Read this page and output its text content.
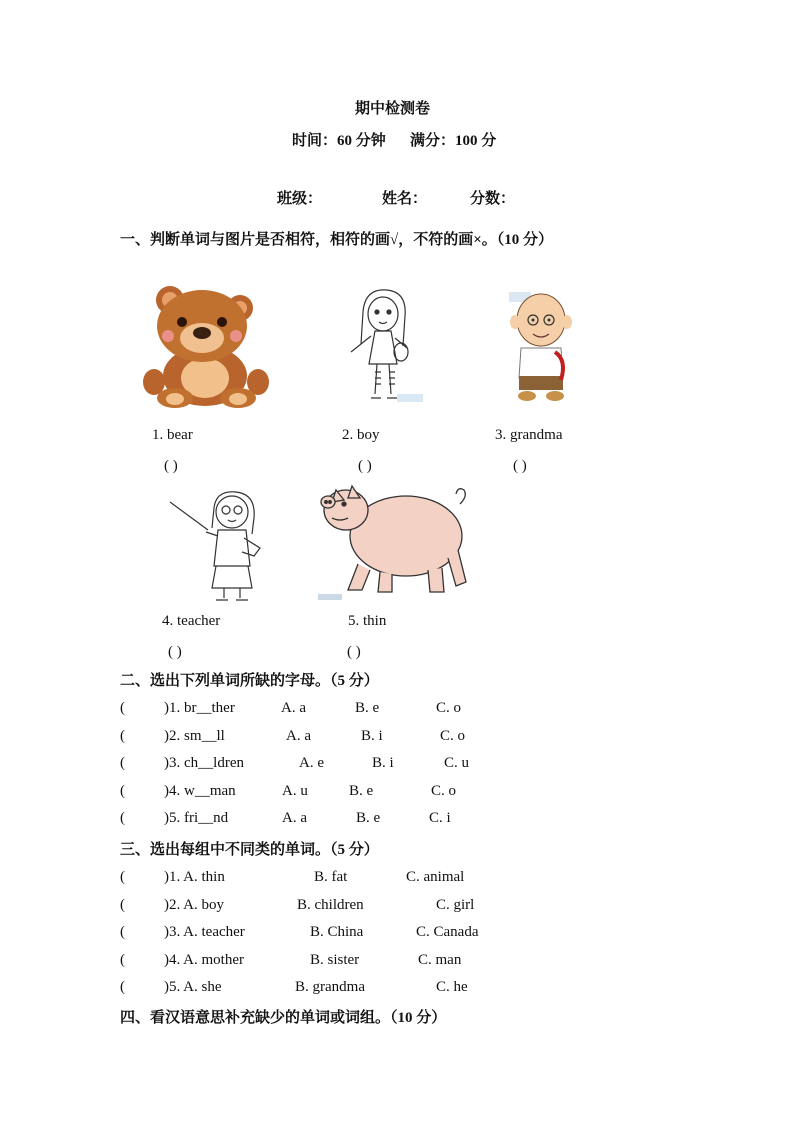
期中检测卷
时间：60 分钟 满分：100 分
班级：	姓名：	分数：
一、判断单词与图片是否相符，相符的画√，不符的画×。（10 分）
1. bear	2. boy	3. grandma
( )	( )	( )
4. teacher	5. thin
( )	( )
二、选出下列单词所缺的字母。（5 分）
(	)1. br__ther	A. a	B. e	C. o
(	)2. sm__ll	A. a	B. i	C. o
(	)3. ch__ldren	A. e	B. i	C. u
(	)4. w__man	A. u	B. e	C. o
(	)5. fri__nd	A. a	B. e	C. i
三、选出每组中不同类的单词。（5 分）
(	)1. A. thin	B. fat	C. animal
(	)2. A. boy	B. children	C. girl
(	)3. A. teacher	B. China	C. Canada
(	)4. A. mother	B. sister	C. man
(	)5. A. she	B. grandma	C. he
四、看汉语意思补充缺少的单词或词组。（10 分）
